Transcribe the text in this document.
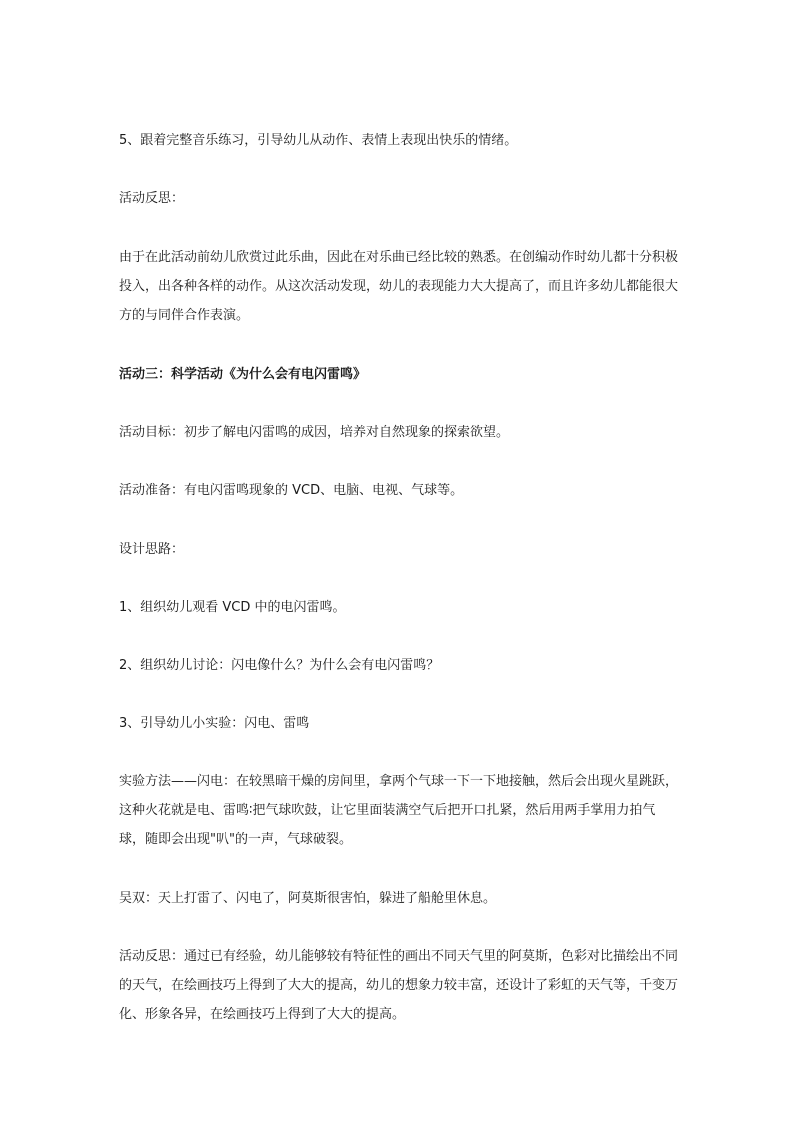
5、跟着完整音乐练习，引导幼儿从动作、表情上表现出快乐的情绪。

活动反思：

由于在此活动前幼儿欣赏过此乐曲，因此在对乐曲已经比较的熟悉。在创编动作时幼儿都十分积极投入，出各种各样的动作。从这次活动发现，幼儿的表现能力大大提高了，而且许多幼儿都能很大方的与同伴合作表演。

活动三：科学活动《为什么会有电闪雷鸣》

活动目标：初步了解电闪雷鸣的成因，培养对自然现象的探索欲望。

活动准备：有电闪雷鸣现象的 VCD、电脑、电视、气球等。

设计思路：

1、组织幼儿观看 VCD 中的电闪雷鸣。

2、组织幼儿讨论：闪电像什么？为什么会有电闪雷鸣？

3、引导幼儿小实验：闪电、雷鸣

实验方法——闪电：在较黑暗干燥的房间里，拿两个气球一下一下地接触，然后会出现火星跳跃，这种火花就是电、雷鸣∶把气球吹鼓，让它里面装满空气后把开口扎紧，然后用两手掌用力拍气球，随即会出现"叭"的一声，气球破裂。

吴双：天上打雷了、闪电了，阿莫斯很害怕，躲进了船舱里休息。

活动反思：通过已有经验，幼儿能够较有特征性的画出不同天气里的阿莫斯，色彩对比描绘出不同的天气，在绘画技巧上得到了大大的提高，幼儿的想象力较丰富，还设计了彩虹的天气等，千变万化、形象各异，在绘画技巧上得到了大大的提高。
